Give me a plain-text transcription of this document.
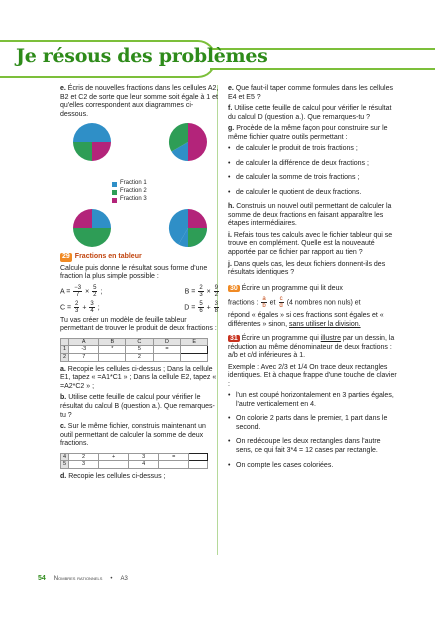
Je résous des problèmes

e. Écris de nouvelles fractions dans les cellules A2, B2 et C2 de sorte que leur somme soit égale à 1 et qu'elles correspondent aux diagrammes ci-dessous.

Fraction 1
Fraction 2
Fraction 3
29 Fractions en tableur

Calcule puis donne le résultat sous forme d'une fraction la plus simple possible :

$A = \frac{-3}{7} \times \frac{5}{2}$ ;	$B = \frac{2}{3} \times \frac{9}{2}$
$C = \frac{2}{3} + \frac{3}{4}$ ;	$D = \frac{5}{6} + \frac{3}{8}$

Tu vas créer un modèle de feuille tableur permettant de trouver le produit de deux fractions :

	A	B	C	D	E
1	-3	*	5	=	
2	7		2		

a. Recopie les cellules ci-dessus ; Dans la cellule E1, tapez « =A1*C1 » ; Dans la cellule E2, tapez « =A2*C2 » ;

b. Utilise cette feuille de calcul pour vérifier le résultat du calcul B (question a.). Que remarques-tu ?

c. Sur le même fichier, construis maintenant un outil permettant de calculer la somme de deux fractions.

4	2	+	3	=	
5	3		4		

d. Recopie les cellules ci-dessus ;

e. Que faut-il taper comme formules dans les cellules E4 et E5 ?

f. Utilise cette feuille de calcul pour vérifier le résultat du calcul D (question a.). Que remarques-tu ?

g. Procède de la même façon pour construire sur le même fichier quatre outils permettant :

• de calculer le produit de trois fractions ;
• de calculer la différence de deux fractions ;
• de calculer la somme de trois fractions ;
• de calculer le quotient de deux fractions.

h. Construis un nouvel outil permettant de calculer la somme de deux fractions en faisant apparaître les étapes intermédiaires.

i. Refais tous tes calculs avec le fichier tableur qui se trouve en complément. Quelle est la nouveauté apportée par ce fichier par rapport au tien ?

j. Dans quels cas, les deux fichiers donnent-ils des résultats identiques ?

30 Écrire un programme qui lit deux

fractions : $\frac{a}{b}$ et $\frac{c}{d} (4$ nombres non nuls) et

répond « égales » si ces fractions sont égales et « différentes » sinon, sans utiliser la division.

31 Écrire un programme qui illustre par un dessin, la réduction au même dénominateur de deux fractions : a/b et c/d inférieures à 1.

Exemple : Avec 2/3 et 1/4 On trace deux rectangles identiques. Et à chaque frappe d'une touche de clavier :

• l'un est coupé horizontalement en 3 parties égales, l'autre verticalement en 4.
• On colorie 2 parts dans le premier, 1 part dans le second.
• On redécoupe les deux rectangles dans l'autre sens, ce qui fait 3*4 = 12 cases par rectangle.
• On compte les cases coloriées.
54 Nombres rationnels • A3
